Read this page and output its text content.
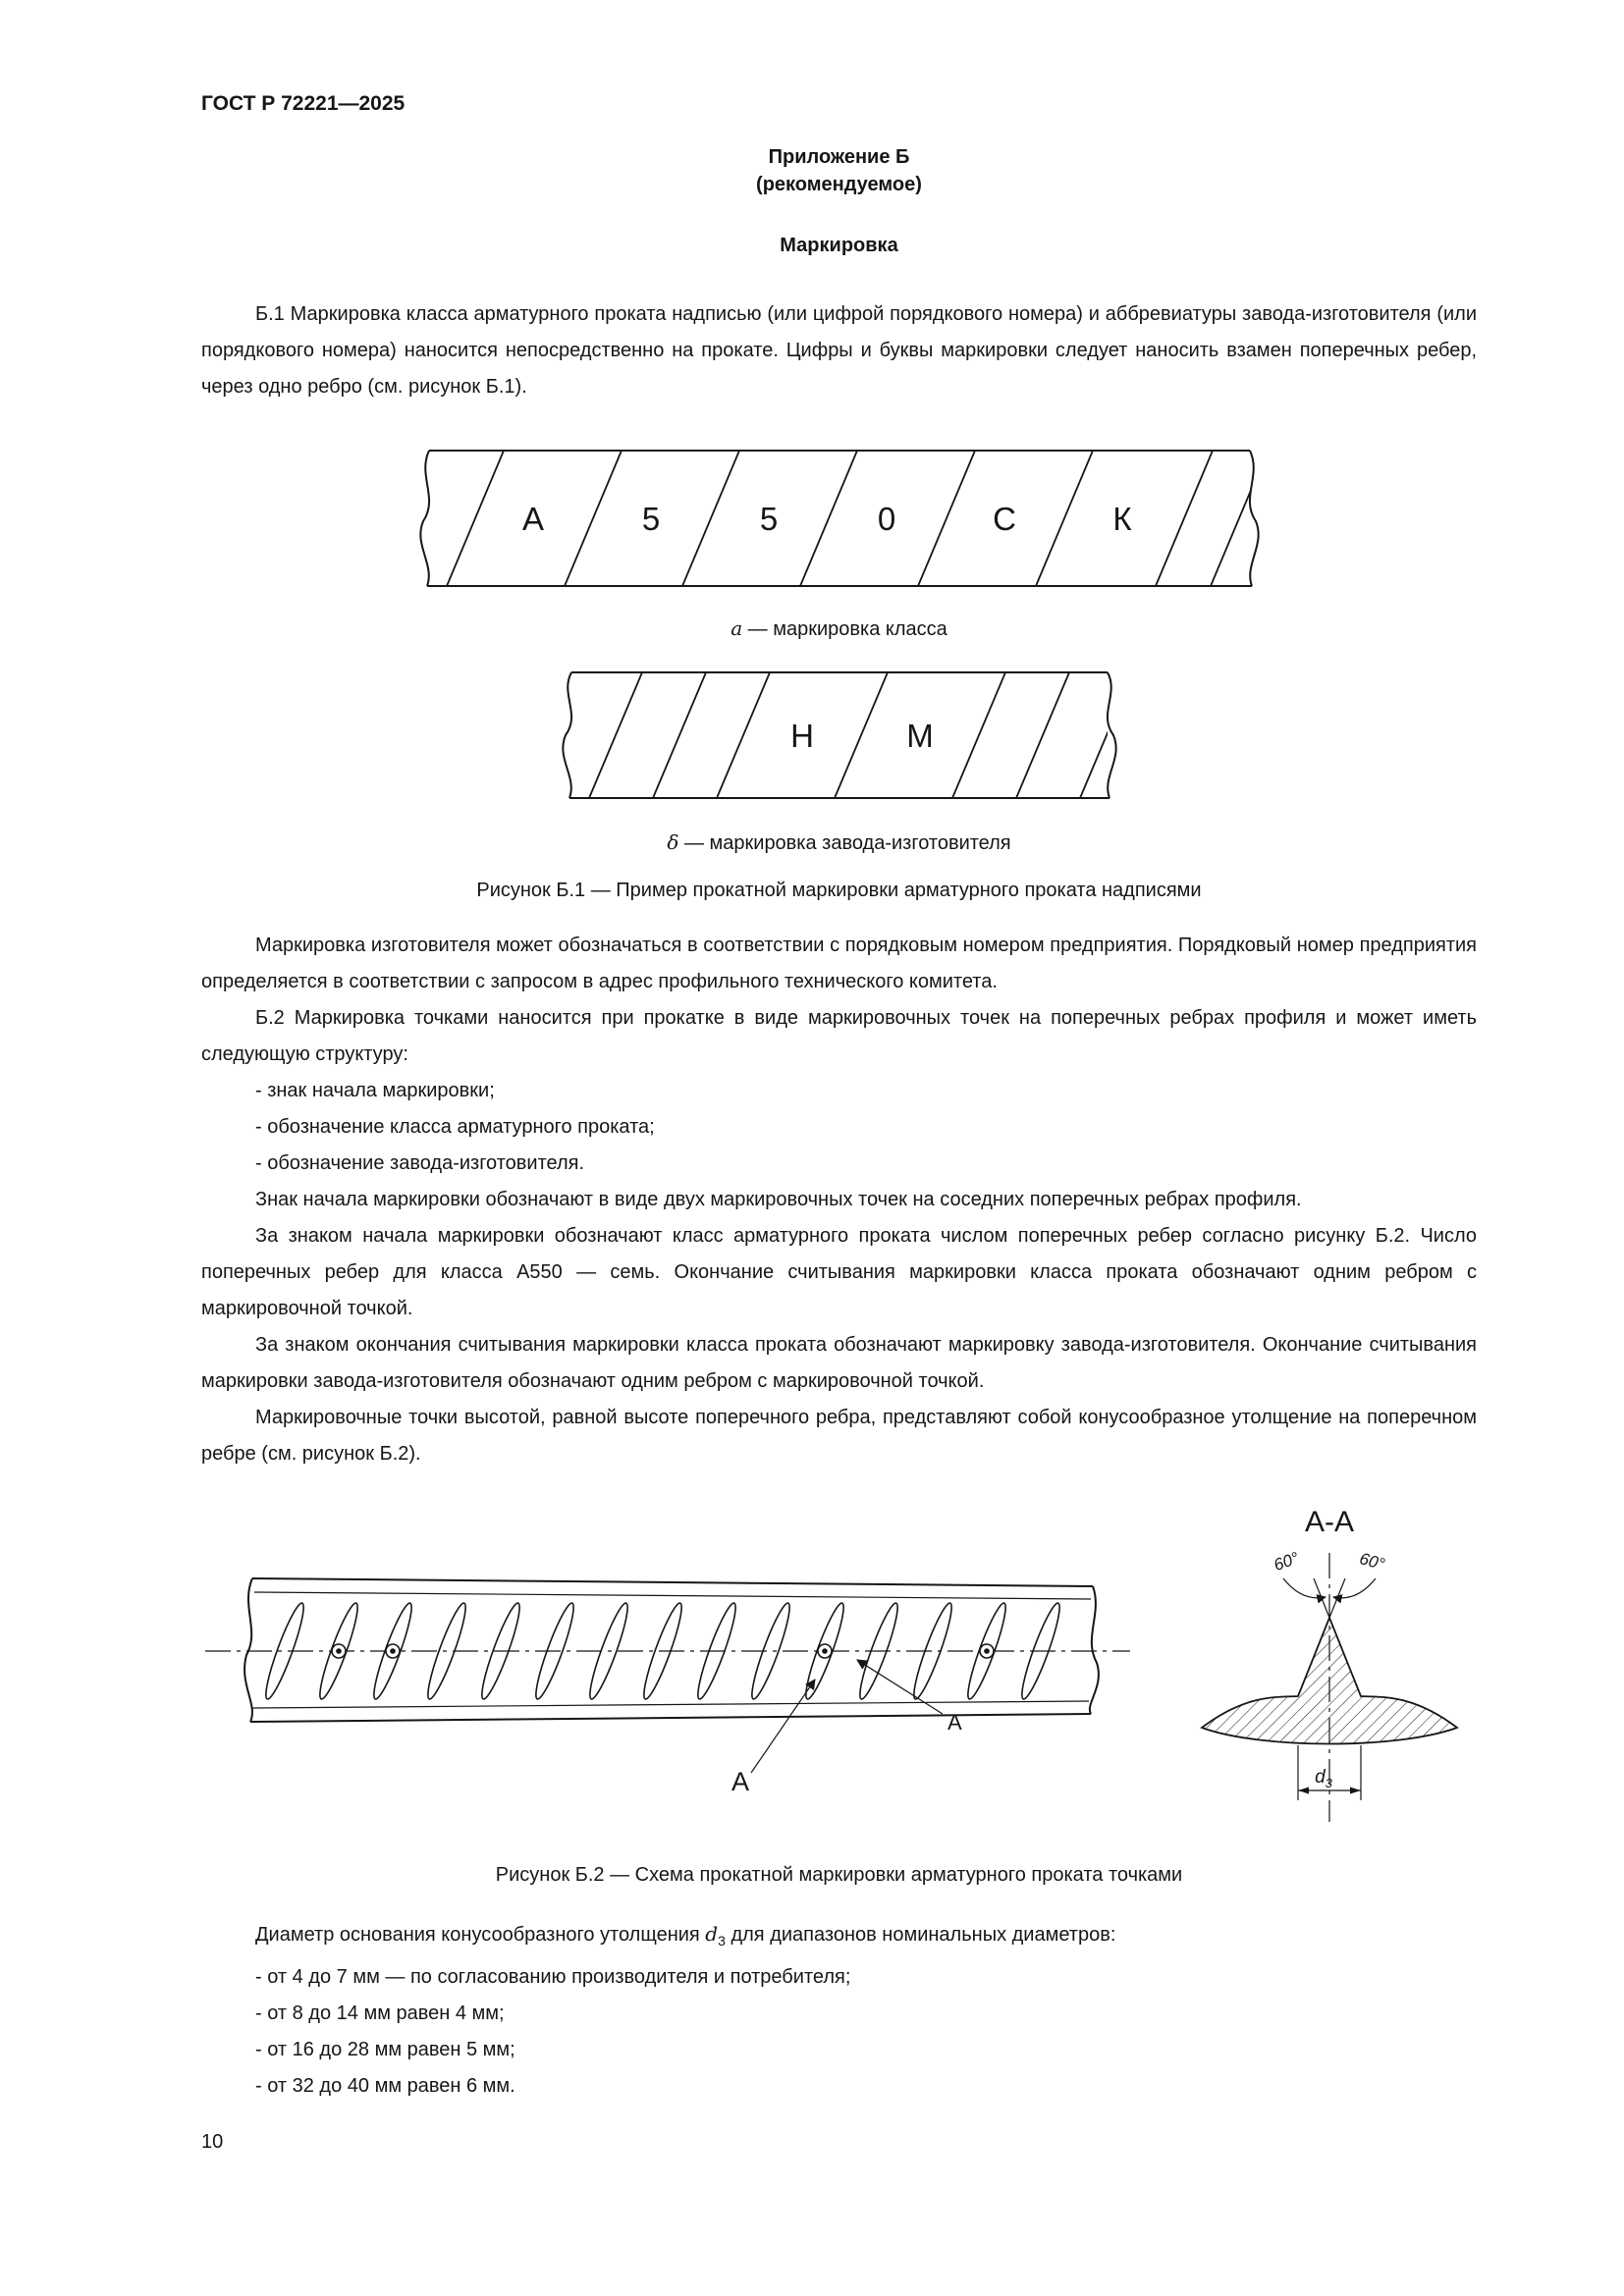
ГОСТ Р 72221—2025
Приложение Б
(рекомендуемое)
Маркировка

Б.1 Маркировка класса арматурного проката надписью (или цифрой порядкового номера) и аббревиатуры завода-изготовителя (или порядкового номера) наносится непосредственно на прокате. Цифры и буквы маркировки следует наносить взамен поперечных ребер, через одно ребро (см. рисунок Б.1).

А	5	5	0	С	К
а — маркировка класса
Н	М
δ — маркировка завода-изготовителя
Рисунок Б.1 — Пример прокатной маркировки арматурного проката надписями

Маркировка изготовителя может обозначаться в соответствии с порядковым номером предприятия. Порядковый номер предприятия определяется в соответствии с запросом в адрес профильного технического комитета.

Б.2 Маркировка точками наносится при прокатке в виде маркировочных точек на поперечных ребрах профиля и может иметь следующую структуру:

- знак начала маркировки;
- обозначение класса арматурного проката;
- обозначение завода-изготовителя.

Знак начала маркировки обозначают в виде двух маркировочных точек на соседних поперечных ребрах профиля.

За знаком начала маркировки обозначают класс арматурного проката числом поперечных ребер согласно рисунку Б.2. Число поперечных ребер для класса А550 — семь. Окончание считывания маркировки класса проката обозначают одним ребром с маркировочной точкой.

За знаком окончания считывания маркировки класса проката обозначают маркировку завода-изготовителя. Окончание считывания маркировки завода-изготовителя обозначают одним ребром с маркировочной точкой.

Маркировочные точки высотой, равной высоте поперечного ребра, представляют собой конусообразное утолщение на поперечном ребре (см. рисунок Б.2).

А
А
А-А
60°	60°
$d_3$
Рисунок Б.2 — Схема прокатной маркировки арматурного проката точками

Диаметр основания конусообразного утолщения $d_3$ для диапазонов номинальных диаметров:

- от 4 до 7 мм — по согласованию производителя и потребителя;
- от 8 до 14 мм равен 4 мм;
- от 16 до 28 мм равен 5 мм;
- от 32 до 40 мм равен 6 мм.
10
